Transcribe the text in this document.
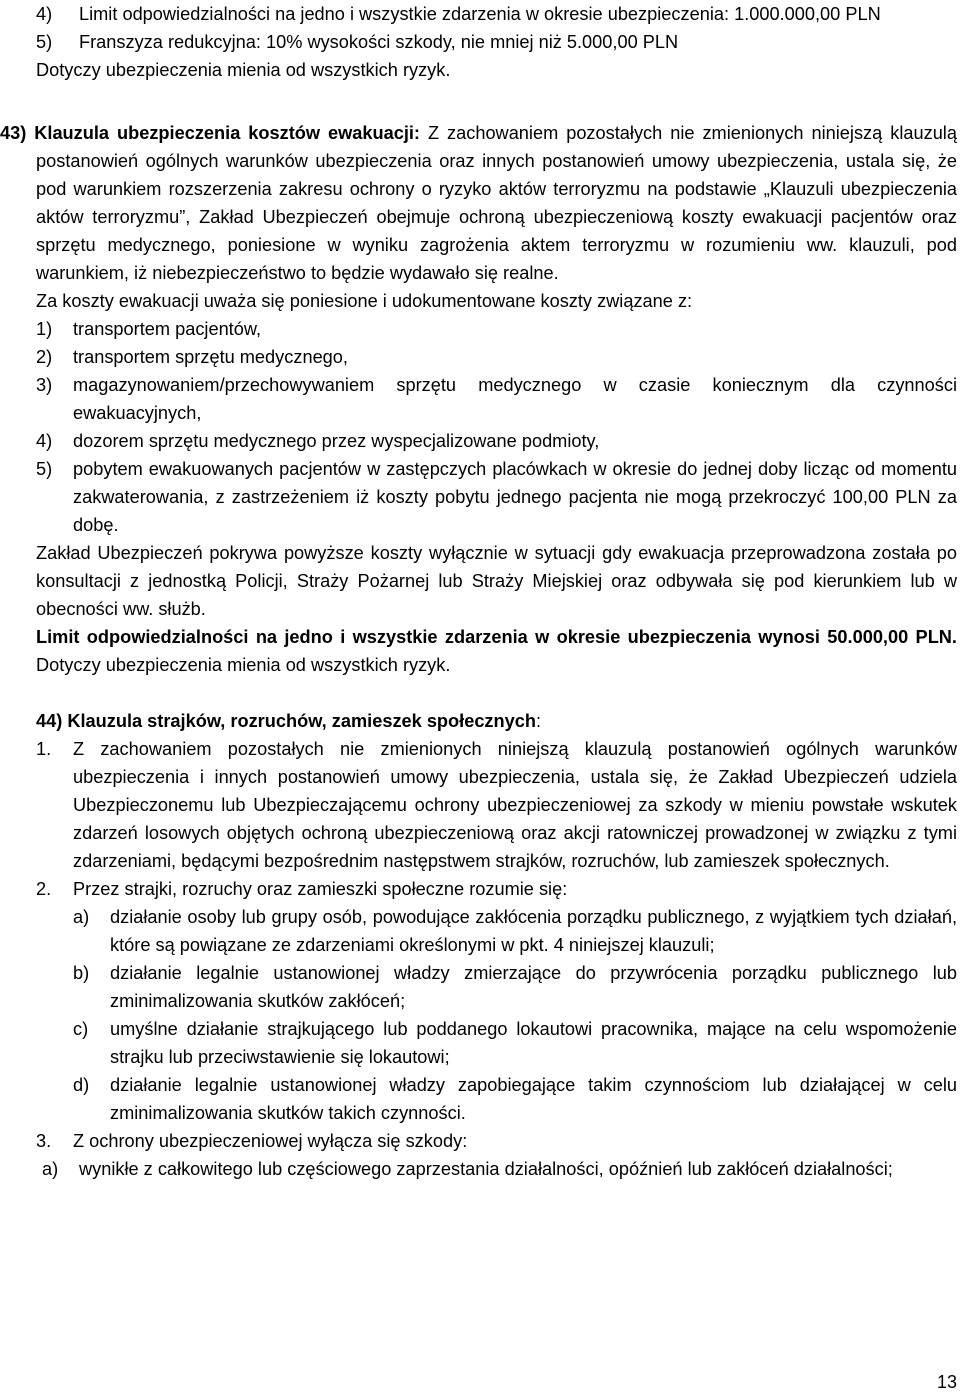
4)	Limit odpowiedzialności na jedno i wszystkie zdarzenia w okresie ubezpieczenia: 1.000.000,00 PLN
5)	Franszyza redukcyjna: 10% wysokości szkody, nie mniej niż 5.000,00 PLN

Dotyczy ubezpieczenia mienia od wszystkich ryzyk.

43) Klauzula ubezpieczenia kosztów ewakuacji: Z zachowaniem pozostałych nie zmienionych niniejszą klauzulą postanowień ogólnych warunków ubezpieczenia oraz innych postanowień umowy ubezpieczenia, ustala się, że pod warunkiem rozszerzenia zakresu ochrony o ryzyko aktów terroryzmu na podstawie „Klauzuli ubezpieczenia aktów terroryzmu”, Zakład Ubezpieczeń obejmuje ochroną ubezpieczeniową koszty ewakuacji pacjentów oraz sprzętu medycznego, poniesione w wyniku zagrożenia aktem terroryzmu w rozumieniu ww. klauzuli, pod warunkiem, iż niebezpieczeństwo to będzie wydawało się realne.

Za koszty ewakuacji uważa się poniesione i udokumentowane koszty związane z:

1)	transportem pacjentów,
2)	transportem sprzętu medycznego,
3)	magazynowaniem/przechowywaniem sprzętu medycznego w czasie koniecznym dla czynności ewakuacyjnych,
4)	dozorem sprzętu medycznego przez wyspecjalizowane podmioty,
5)	pobytem ewakuowanych pacjentów w zastępczych placówkach w okresie do jednej doby licząc od momentu zakwaterowania, z zastrzeżeniem iż koszty pobytu jednego pacjenta nie mogą przekroczyć 100,00 PLN za dobę.

Zakład Ubezpieczeń pokrywa powyższe koszty wyłącznie w sytuacji gdy ewakuacja przeprowadzona została po konsultacji z jednostką Policji, Straży Pożarnej lub Straży Miejskiej oraz odbywała się pod kierunkiem lub w obecności ww. służb.

Limit odpowiedzialności na jedno i wszystkie zdarzenia w okresie ubezpieczenia wynosi 50.000,00 PLN. Dotyczy ubezpieczenia mienia od wszystkich ryzyk.

44) Klauzula strajków, rozruchów, zamieszek społecznych:

1.	Z zachowaniem pozostałych nie zmienionych niniejszą klauzulą postanowień ogólnych warunków ubezpieczenia i innych postanowień umowy ubezpieczenia, ustala się, że Zakład Ubezpieczeń udziela Ubezpieczonemu lub Ubezpieczającemu ochrony ubezpieczeniowej za szkody w mieniu powstałe wskutek zdarzeń losowych objętych ochroną ubezpieczeniową oraz akcji ratowniczej prowadzonej w związku z tymi zdarzeniami, będącymi bezpośrednim następstwem strajków, rozruchów, lub zamieszek społecznych.
2.	Przez strajki, rozruchy oraz zamieszki społeczne rozumie się:
a)	działanie osoby lub grupy osób, powodujące zakłócenia porządku publicznego, z wyjątkiem tych działań, które są powiązane ze zdarzeniami określonymi w pkt. 4 niniejszej klauzuli;
b)	działanie legalnie ustanowionej władzy zmierzające do przywrócenia porządku publicznego lub zminimalizowania skutków zakłóceń;
c)	umyślne działanie strajkującego lub poddanego lokautowi pracownika, mające na celu wspomożenie strajku lub przeciwstawienie się lokautowi;
d)	działanie legalnie ustanowionej władzy zapobiegające takim czynnościom lub działającej w celu zminimalizowania skutków takich czynności.
3.	Z ochrony ubezpieczeniowej wyłącza się szkody:
a)	wynikłe z całkowitego lub częściowego zaprzestania działalności, opóźnień lub zakłóceń działalności;
13
